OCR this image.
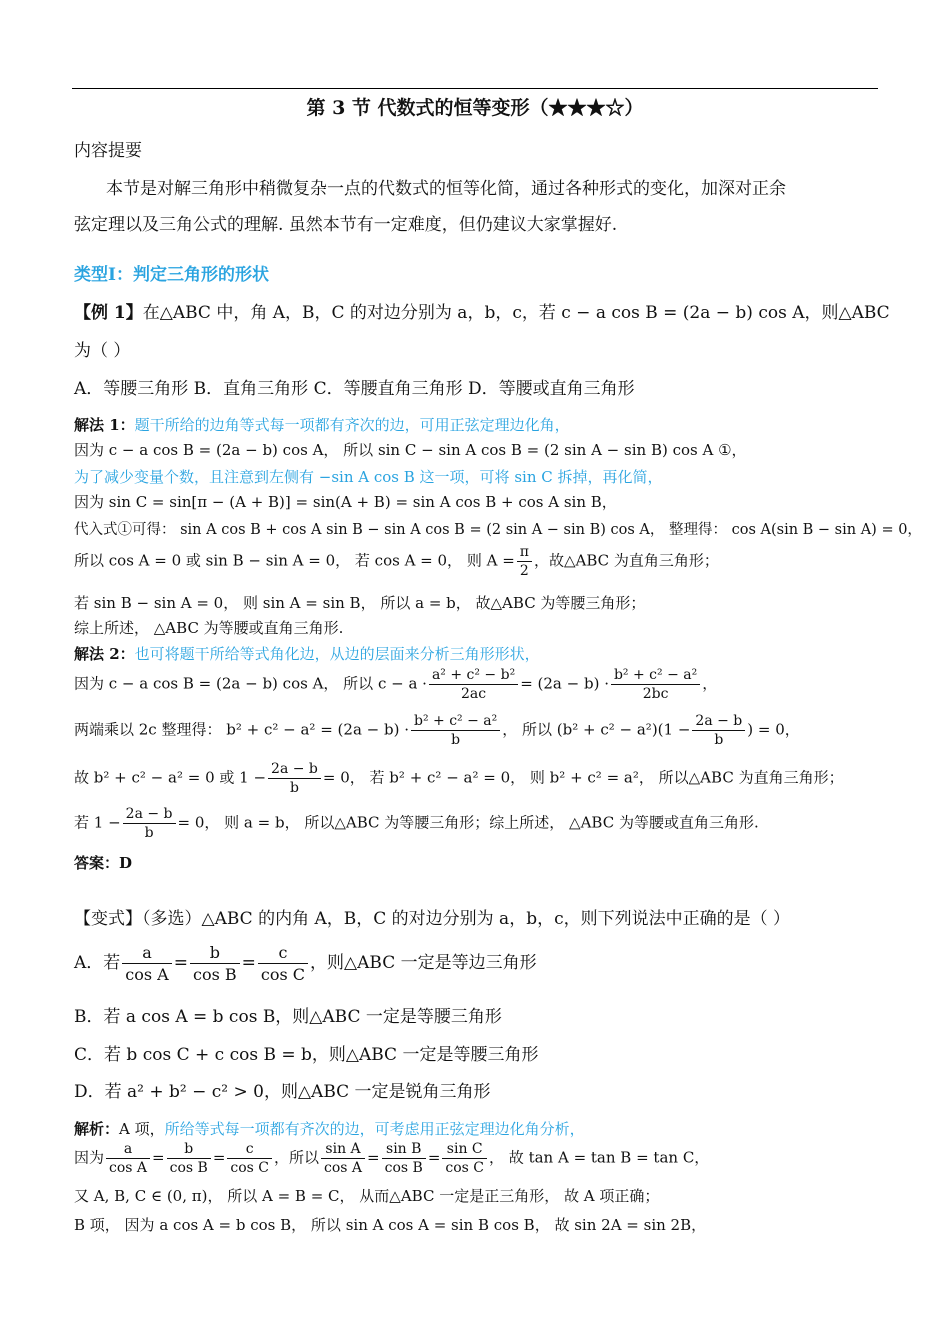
第 3 节 代数式的恒等变形（★★★☆）
内容提要
本节是对解三角形中稍微复杂一点的代数式的恒等化简，通过各种形式的变化，加深对正余
弦定理以及三角公式的理解. 虽然本节有一定难度，但仍建议大家掌握好.
类型Ⅰ：判定三角形的形状
【例 1】在△ABC 中，角 A，B，C 的对边分别为 a，b，c，若 c − a cos B = (2a − b) cos A，则△ABC
为（ ）
A．等腰三角形 B．直角三角形 C．等腰直角三角形 D．等腰或直角三角形
解法 1：题干所给的边角等式每一项都有齐次的边，可用正弦定理边化角，
因为 c − a cos B = (2a − b) cos A， 所以 sin C − sin A cos B = (2 sin A − sin B) cos A ①，
为了减少变量个数，且注意到左侧有 −sin A cos B 这一项，可将 sin C 拆掉，再化简，
因为 sin C = sin[π − (A + B)] = sin(A + B) = sin A cos B + cos A sin B，
代入式①可得： sin A cos B + cos A sin B − sin A cos B = (2 sin A − sin B) cos A， 整理得： cos A(sin B − sin A) = 0，
所以 cos A = 0 或 sin B − sin A = 0， 若 cos A = 0， 则 $A = \frac{\pi}{2}$ ，故△ABC 为直角三角形；
若 sin B − sin A = 0， 则 sin A = sin B， 所以 a = b， 故△ABC 为等腰三角形；
综上所述， △ABC 为等腰或直角三角形.
解法 2：也可将题干所给等式角化边，从边的层面来分析三角形形状，
因为 c − a cos B = (2a − b) cos A， 所以 $c - a \cdot \frac{\text{a² + c² − b²}}{2ac} = (2a - b) \cdot \frac{\text{b² + c² − a²}}{2bc}$ ，
两端乘以 2c 整理得： $b^2 + c^2 - a^2 = (2a - b) \cdot \frac{\text{b² + c² − a²}}{b}$ ， 所以 $(b^2 + c^2 - a^2)(1 - \frac{2a - b}{b}$ ) = 0，
故 b² + c² − a² = 0 或 $1 - \frac{2a - b}{b} = 0$， 若 b² + c² − a² = 0， 则 b² + c² = a²， 所以△ABC 为直角三角形；
若 $1 - \frac{2a - b}{b} = 0$， 则 a = b， 所以△ABC 为等腰三角形；综上所述， △ABC 为等腰或直角三角形.
答案：D
【变式】（多选）△ABC 的内角 A，B，C 的对边分别为 a，b，c，则下列说法中正确的是（ ）
A．若 $\frac{a}{\text{cos A}} = \frac{b}{\text{cos B}} = \frac{c}{\text{cos C}}$ ，则△ABC 一定是等边三角形
B．若 a cos A = b cos B，则△ABC 一定是等腰三角形
C．若 b cos C + c cos B = b，则△ABC 一定是等腰三角形
D．若 a² + b² − c² > 0，则△ABC 一定是锐角三角形
解析：A 项，所给等式每一项都有齐次的边，可考虑用正弦定理边化角分析，
因为 $\frac{a}{\text{cos A}} = \frac{b}{\text{cos B}} = \frac{c}{\text{cos C}}$ ，所以 $\frac{\text{sin A}}{\text{cos A}} = \frac{\text{sin B}}{\text{cos B}} = \frac{\text{sin C}}{\text{cos C}}$ ， 故 tan A = tan B = tan C，
又 A, B, C ∈ (0, π)， 所以 A = B = C， 从而△ABC 一定是正三角形， 故 A 项正确；
B 项， 因为 a cos A = b cos B， 所以 sin A cos A = sin B cos B， 故 sin 2A = sin 2B，
